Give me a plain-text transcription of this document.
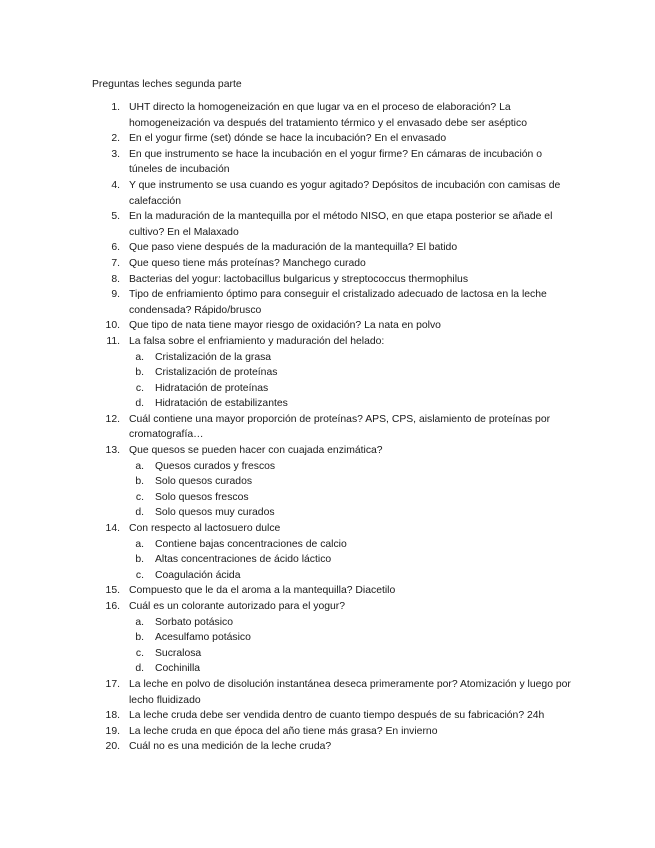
Preguntas leches segunda parte
1. UHT directo la homogeneización en que lugar va en el proceso de elaboración? La homogeneización va después del tratamiento térmico y el envasado debe ser aséptico
2. En el yogur firme (set) dónde se hace la incubación? En el envasado
3. En que instrumento se hace la incubación en el yogur firme? En cámaras de incubación o túneles de incubación
4. Y que instrumento se usa cuando es yogur agitado? Depósitos de incubación con camisas de calefacción
5. En la maduración de la mantequilla por el método NISO, en que etapa posterior se añade el cultivo? En el Malaxado
6. Que paso viene después de la maduración de la mantequilla? El batido
7. Que queso tiene más proteínas? Manchego curado
8. Bacterias del yogur: lactobacillus bulgaricus y streptococcus thermophilus
9. Tipo de enfriamiento óptimo para conseguir el cristalizado adecuado de lactosa en la leche condensada? Rápido/brusco
10. Que tipo de nata tiene mayor riesgo de oxidación? La nata en polvo
11. La falsa sobre el enfriamiento y maduración del helado:
a.	Cristalización de la grasa
b.	Cristalización de proteínas
c.	Hidratación de proteínas
d.	Hidratación de estabilizantes
12. Cuál contiene una mayor proporción de proteínas? APS, CPS, aislamiento de proteínas por cromatografía…
13. Que quesos se pueden hacer con cuajada enzimática?
a.	Quesos curados y frescos
b.	Solo quesos curados
c.	Solo quesos frescos
d.	Solo quesos muy curados
14. Con respecto al lactosuero dulce
a.	Contiene bajas concentraciones de calcio
b.	Altas concentraciones de ácido láctico
c.	Coagulación ácida
15. Compuesto que le da el aroma a la mantequilla? Diacetilo
16. Cuál es un colorante autorizado para el yogur?
a.	Sorbato potásico
b.	Acesulfamo potásico
c.	Sucralosa
d.	Cochinilla
17. La leche en polvo de disolución instantánea deseca primeramente por? Atomización y luego por lecho fluidizado
18. La leche cruda debe ser vendida dentro de cuanto tiempo después de su fabricación? 24h
19. La leche cruda en que época del año tiene más grasa? En invierno
20. Cuál no es una medición de la leche cruda?
